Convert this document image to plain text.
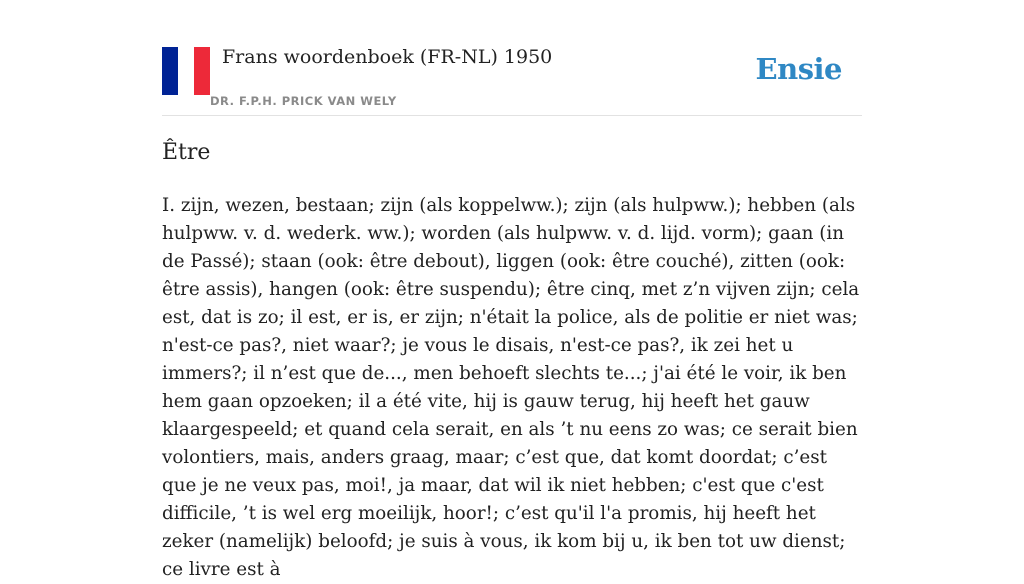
Frans woordenboek (FR-NL) 1950
DR. F.P.H. PRICK VAN WELY
Ensie
Être

I. zijn, wezen, bestaan; zijn (als koppelww.); zijn (als hulpww.); hebben (als hulpww. v. d. wederk. ww.); worden (als hulpww. v. d. lijd. vorm); gaan (in de Passé); staan (ook: être debout), liggen (ook: être couché), zitten (ook: être assis), hangen (ook: être suspendu); être cinq, met z’n vijven zijn; cela est, dat is zo; il est, er is, er zijn; n'était la police, als de politie er niet was; n'est-ce pas?, niet waar?; je vous le disais, n'est-ce pas?, ik zei het u immers?; il n’est que de..., men behoeft slechts te...; j'ai été le voir, ik ben hem gaan opzoeken; il a été vite, hij is gauw terug, hij heeft het gauw klaargespeeld; et quand cela serait, en als ’t nu eens zo was; ce serait bien volontiers, mais, anders graag, maar; c’est que, dat komt doordat; c’est que je ne veux pas, moi!, ja maar, dat wil ik niet hebben; c'est que c'est difficile, ’t is wel erg moeilijk, hoor!; c’est qu'il l'a promis, hij heeft het zeker (namelijk) beloofd; je suis à vous, ik kom bij u, ik ben tot uw dienst; ce livre est à
